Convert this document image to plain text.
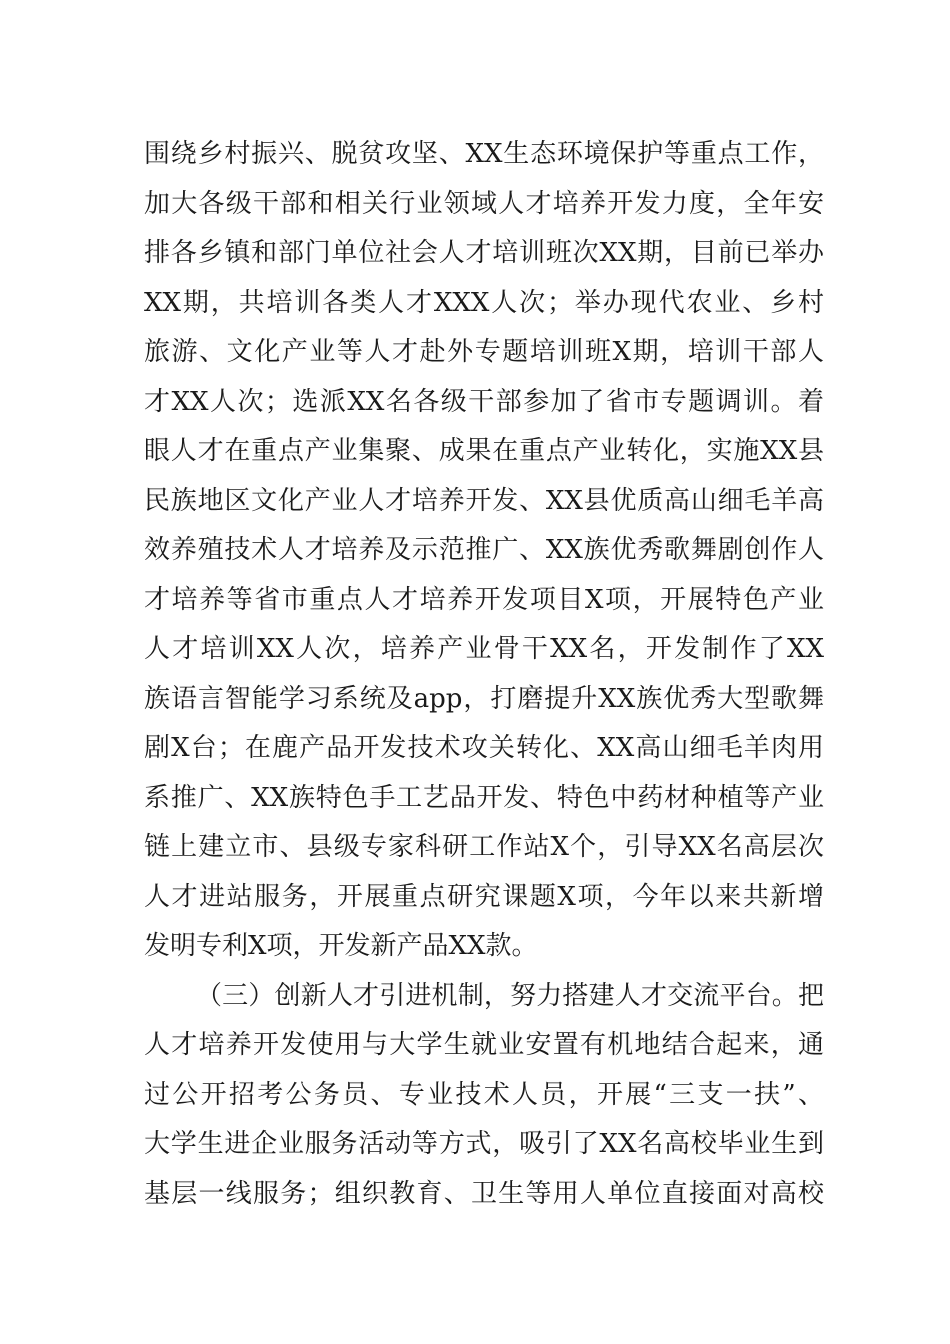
围绕乡村振兴、脱贫攻坚、XX生态环境保护等重点工作，
加大各级干部和相关行业领域人才培养开发力度，全年安
排各乡镇和部门单位社会人才培训班次XX期，目前已举办
XX期，共培训各类人才XXX人次；举办现代农业、乡村
旅游、文化产业等人才赴外专题培训班X期，培训干部人
才XX人次；选派XX名各级干部参加了省市专题调训。着
眼人才在重点产业集聚、成果在重点产业转化，实施XX县
民族地区文化产业人才培养开发、XX县优质高山细毛羊高
效养殖技术人才培养及示范推广、XX族优秀歌舞剧创作人
才培养等省市重点人才培养开发项目X项，开展特色产业
人才培训XX人次，培养产业骨干XX名，开发制作了XX
族语言智能学习系统及app，打磨提升XX族优秀大型歌舞
剧X台；在鹿产品开发技术攻关转化、XX高山细毛羊肉用
系推广、XX族特色手工艺品开发、特色中药材种植等产业
链上建立市、县级专家科研工作站X个，引导XX名高层次
人才进站服务，开展重点研究课题X项，今年以来共新增
发明专利X项，开发新产品XX款。
（三）创新人才引进机制，努力搭建人才交流平台。把
人才培养开发使用与大学生就业安置有机地结合起来，通
过公开招考公务员、专业技术人员，开展“三支一扶”、
大学生进企业服务活动等方式，吸引了XX名高校毕业生到
基层一线服务；组织教育、卫生等用人单位直接面对高校
